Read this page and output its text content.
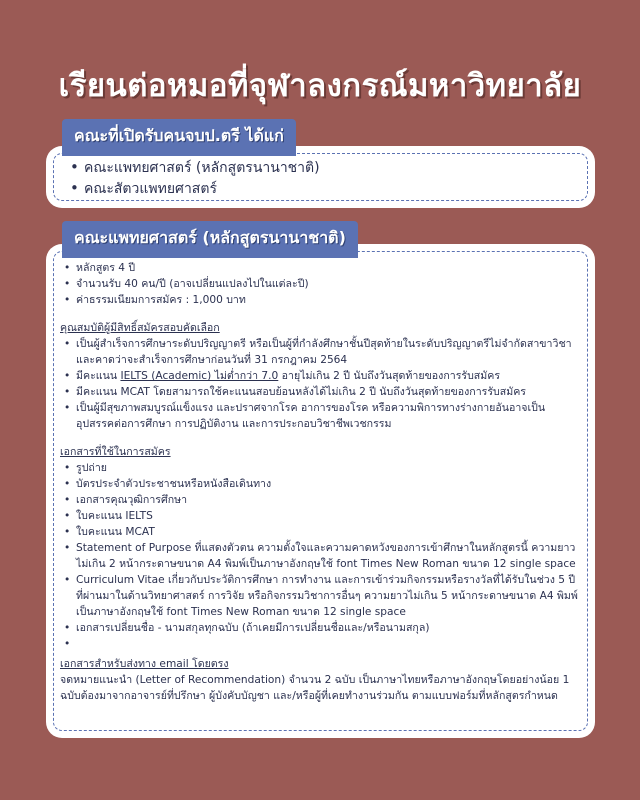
เรียนต่อหมอที่จุฬาลงกรณ์มหาวิทยาลัย
คณะที่เปิดรับคนจบป.ตรี ได้แก่
• คณะแพทยศาสตร์ (หลักสูตรนานาชาติ)
• คณะสัตวแพทยศาสตร์
คณะแพทยศาสตร์ (หลักสูตรนานาชาติ)
• หลักสูตร 4 ปี
• จำนวนรับ 40 คน/ปี (อาจเปลี่ยนแปลงไปในแต่ละปี)
• ค่าธรรมเนียมการสมัคร : 1,000 บาท
คุณสมบัติผู้มีสิทธิ์สมัครสอบคัดเลือก
• เป็นผู้สำเร็จการศึกษาระดับปริญญาตรี หรือเป็นผู้ที่กำลังศึกษาชั้นปีสุดท้ายในระดับปริญญาตรีไม่จำกัดสาขาวิชา และคาดว่าจะสำเร็จการศึกษาก่อนวันที่ 31 กรกฎาคม 2564
• มีคะแนน IELTS (Academic) ไม่ต่ำกว่า 7.0 อายุไม่เกิน 2 ปี นับถึงวันสุดท้ายของการรับสมัคร
• มีคะแนน MCAT โดยสามารถใช้คะแนนสอบย้อนหลังได้ไม่เกิน 2 ปี นับถึงวันสุดท้ายของการรับสมัคร
• เป็นผู้มีสุขภาพสมบูรณ์แข็งแรง และปราศจากโรค อาการของโรค หรือความพิการทางร่างกายอันอาจเป็นอุปสรรคต่อการศึกษา การปฏิบัติงาน และการประกอบวิชาชีพเวชกรรม
เอกสารที่ใช้ในการสมัคร
• รูปถ่าย
• บัตรประจำตัวประชาชนหรือหนังสือเดินทาง
• เอกสารคุณวุฒิการศึกษา
• ใบคะแนน IELTS
• ใบคะแนน MCAT
• Statement of Purpose ที่แสดงตัวตน ความตั้งใจและความคาดหวังของการเข้าศึกษาในหลักสูตรนี้ ความยาวไม่เกิน 2 หน้ากระดาษขนาด A4 พิมพ์เป็นภาษาอังกฤษใช้ font Times New Roman ขนาด 12 single space
• Curriculum Vitae เกี่ยวกับประวัติการศึกษา การทำงาน และการเข้าร่วมกิจกรรมหรือรางวัลที่ได้รับในช่วง 5 ปีที่ผ่านมาในด้านวิทยาศาสตร์ การวิจัย หรือกิจกรรมวิชาการอื่นๆ ความยาวไม่เกิน 5 หน้ากระดาษขนาด A4 พิมพ์เป็นภาษาอังกฤษใช้ font Times New Roman ขนาด 12 single space
• เอกสารเปลี่ยนชื่อ - นามสกุลทุกฉบับ (ถ้าเคยมีการเปลี่ยนชื่อและ/หรือนามสกุล)
•
เอกสารสำหรับส่งทาง email โดยตรง

จดหมายแนะนำ (Letter of Recommendation) จำนวน 2 ฉบับ เป็นภาษาไทยหรือภาษาอังกฤษโดยอย่างน้อย 1 ฉบับต้องมาจากอาจารย์ที่ปรึกษา ผู้บังคับบัญชา และ/หรือผู้ที่เคยทำงานร่วมกัน ตามแบบฟอร์มที่หลักสูตรกำหนด
